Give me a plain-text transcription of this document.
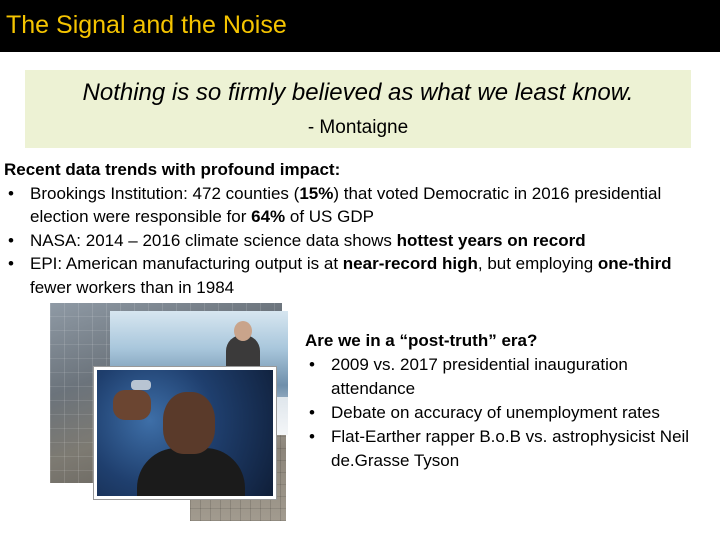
The Signal and the Noise
Nothing is so firmly believed as what we least know.
- Montaigne
Recent data trends with profound impact:
• Brookings Institution: 472 counties (15%) that voted Democratic in 2016 presidential election were responsible for 64% of US GDP
• NASA: 2014 – 2016 climate science data shows hottest years on record
• EPI: American manufacturing output is at near-record high, but employing one-third fewer workers than in 1984
Are we in a “post-truth” era?
• 2009 vs. 2017 presidential inauguration attendance
• Debate on accuracy of unemployment rates
• Flat-Earther rapper B.o.B vs. astrophysicist Neil de.Grasse Tyson
